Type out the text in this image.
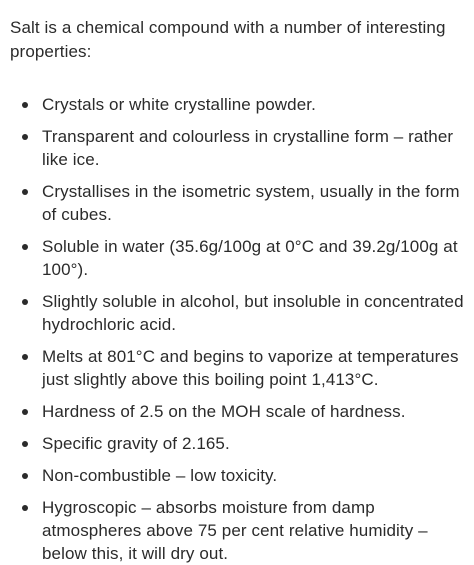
Salt is a chemical compound with a number of interesting properties:

Crystals or white crystalline powder.
Transparent and colourless in crystalline form – rather like ice.
Crystallises in the isometric system, usually in the form of cubes.
Soluble in water (35.6g/100g at 0°C and 39.2g/100g at 100°).
Slightly soluble in alcohol, but insoluble in concentrated hydrochloric acid.
Melts at 801°C and begins to vaporize at temperatures just slightly above this boiling point 1,413°C.
Hardness of 2.5 on the MOH scale of hardness.
Specific gravity of 2.165.
Non-combustible – low toxicity.
Hygroscopic – absorbs moisture from damp atmospheres above 75 per cent relative humidity – below this, it will dry out.
